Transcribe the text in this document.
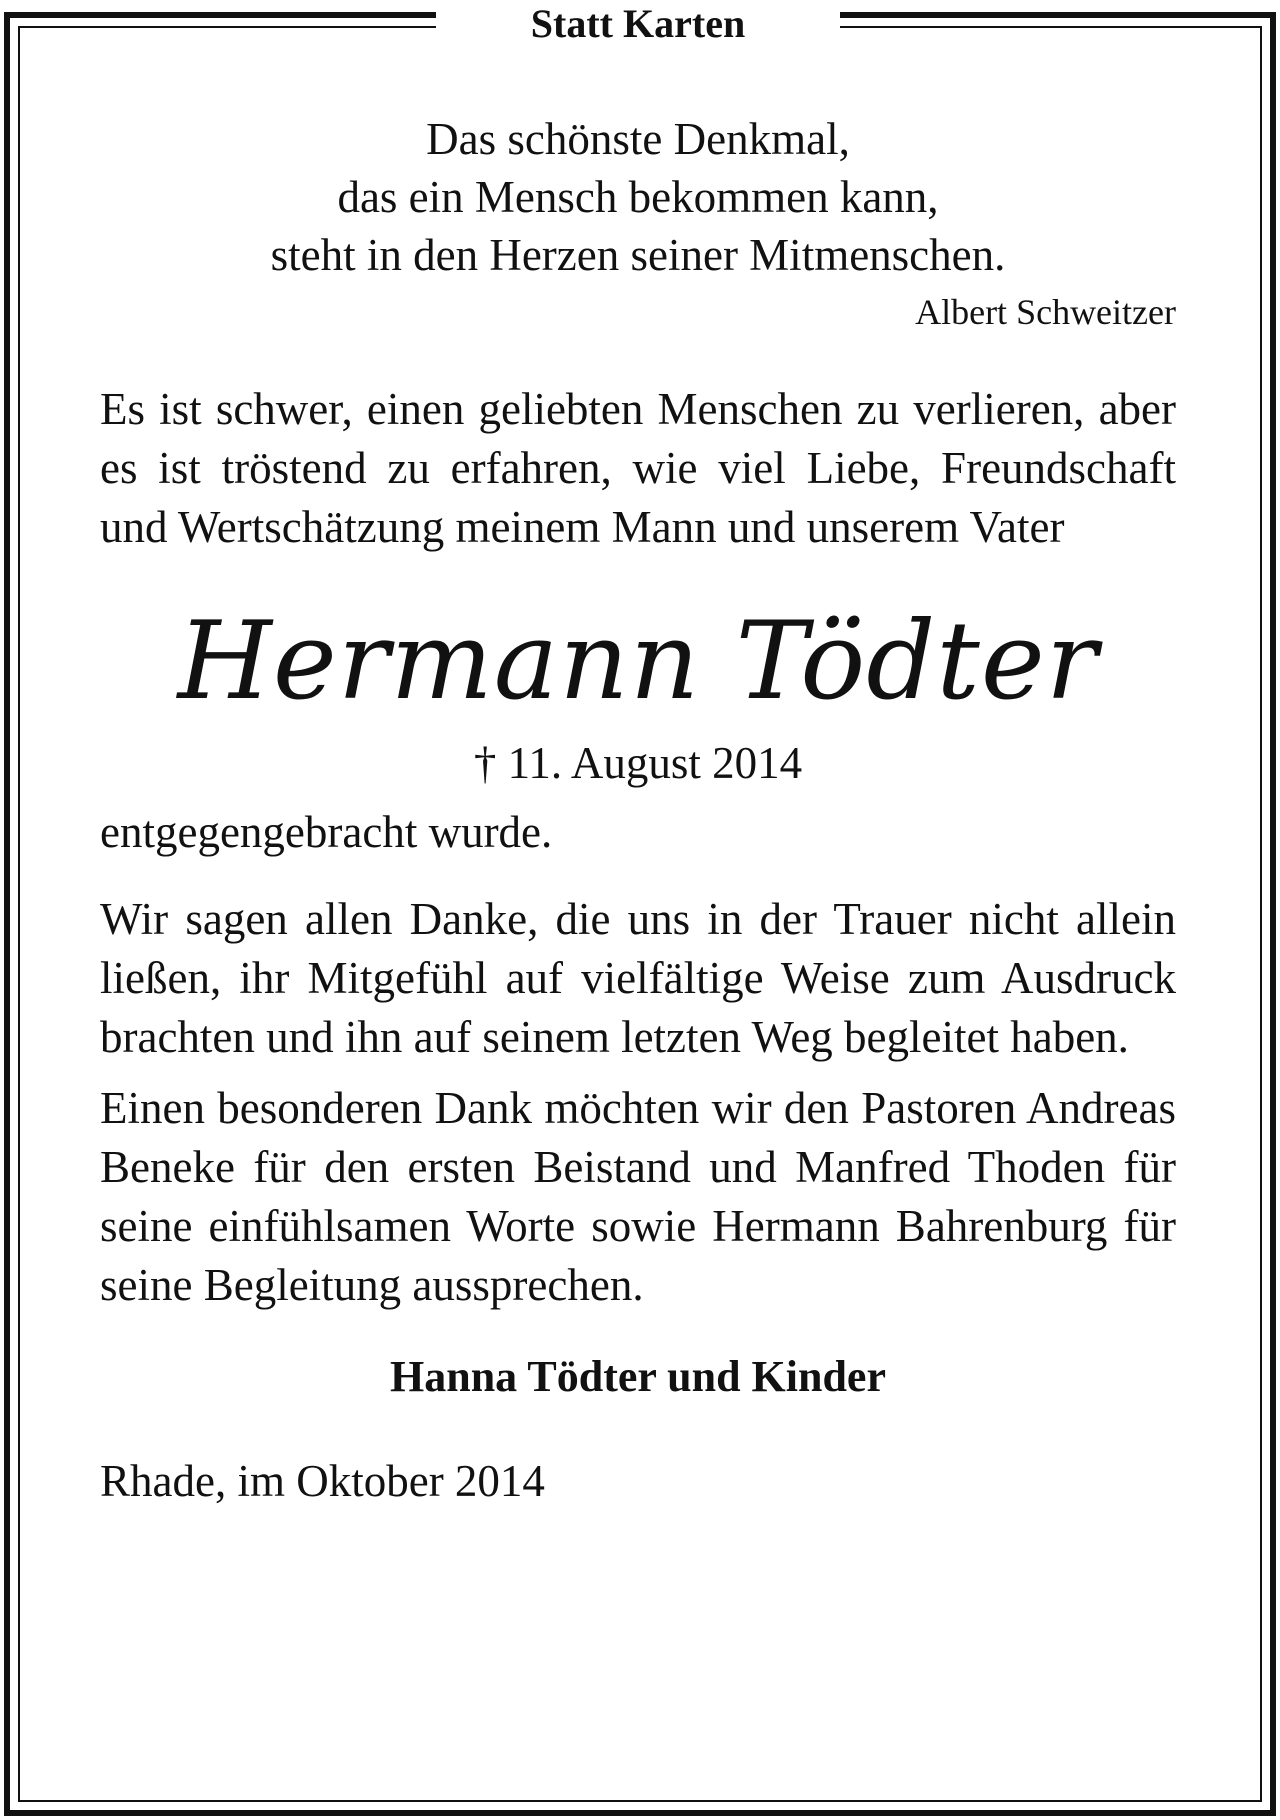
Statt Karten
Das schönste Denkmal,
das ein Mensch bekommen kann,
steht in den Herzen seiner Mitmenschen.
Albert Schweitzer
Es ist schwer, einen geliebten Menschen zu verlieren, aber es ist tröstend zu erfahren, wie viel Liebe, Freundschaft und Wertschätzung meinem Mann und unserem Vater
Hermann Tödter
† 11. August 2014
entgegengebracht wurde.
Wir sagen allen Danke, die uns in der Trauer nicht allein ließen, ihr Mitgefühl auf vielfältige Weise zum Ausdruck brachten und ihn auf seinem letzten Weg begleitet haben.
Einen besonderen Dank möchten wir den Pastoren Andreas Beneke für den ersten Beistand und Manfred Thoden für seine einfühlsamen Worte sowie Hermann Bahrenburg für seine Begleitung aussprechen.
Hanna Tödter und Kinder
Rhade, im Oktober 2014
